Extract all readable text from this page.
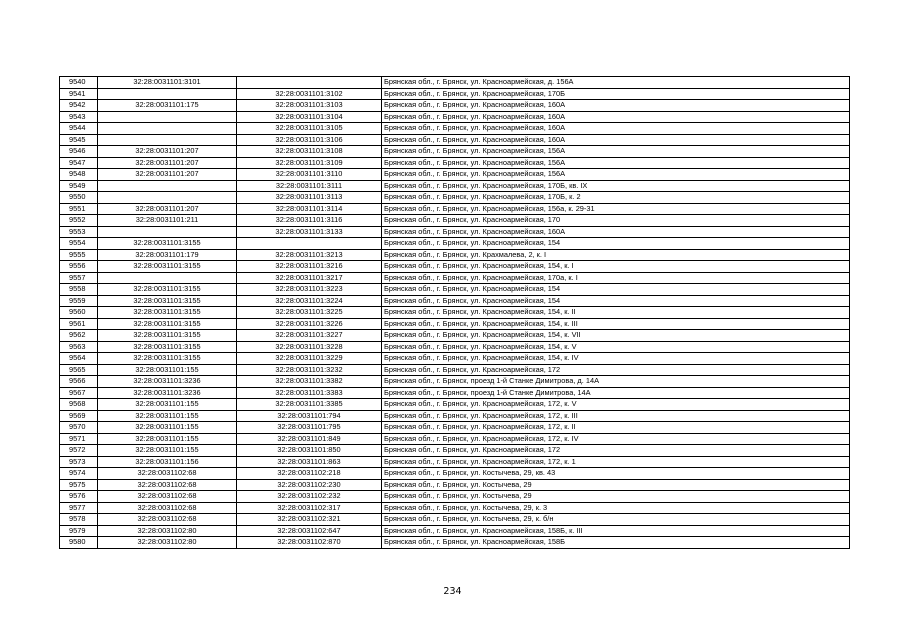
9540	32:28:0031101:3101		Брянская обл., г. Брянск, ул. Красноармейская, д. 156А
9541		32:28:0031101:3102	Брянская обл., г. Брянск, ул. Красноармейская, 170Б
9542	32:28:0031101:175	32:28:0031101:3103	Брянская обл., г. Брянск, ул. Красноармейская, 160А
9543		32:28:0031101:3104	Брянская обл., г. Брянск, ул. Красноармейская, 160А
9544		32:28:0031101:3105	Брянская обл., г. Брянск, ул. Красноармейская, 160А
9545		32:28:0031101:3106	Брянская обл., г. Брянск, ул. Красноармейская, 160А
9546	32:28:0031101:207	32:28:0031101:3108	Брянская обл., г. Брянск, ул. Красноармейская, 156А
9547	32:28:0031101:207	32:28:0031101:3109	Брянская обл., г. Брянск, ул. Красноармейская, 156А
9548	32:28:0031101:207	32:28:0031101:3110	Брянская обл., г. Брянск, ул. Красноармейская, 156А
9549		32:28:0031101:3111	Брянская обл., г. Брянск, ул. Красноармейская, 170Б, кв. IX
9550		32:28:0031101:3113	Брянская обл., г. Брянск, ул. Красноармейская, 170Б, к. 2
9551	32:28:0031101:207	32:28:0031101:3114	Брянская обл., г. Брянск, ул. Красноармейская, 156а, к. 29-31
9552	32:28:0031101:211	32:28:0031101:3116	Брянская обл., г. Брянск, ул. Красноармейская, 170
9553		32:28:0031101:3133	Брянская обл., г. Брянск, ул. Красноармейская, 160А
9554	32:28:0031101:3155		Брянская обл., г. Брянск, ул. Красноармейская, 154
9555	32:28:0031101:179	32:28:0031101:3213	Брянская обл., г. Брянск, ул. Крахмалева, 2, к. I
9556	32:28:0031101:3155	32:28:0031101:3216	Брянская обл., г. Брянск, ул. Красноармейская, 154, к. I
9557		32:28:0031101:3217	Брянская обл., г. Брянск, ул. Красноармейская, 170а, к. I
9558	32:28:0031101:3155	32:28:0031101:3223	Брянская обл., г. Брянск, ул. Красноармейская, 154
9559	32:28:0031101:3155	32:28:0031101:3224	Брянская обл., г. Брянск, ул. Красноармейская, 154
9560	32:28:0031101:3155	32:28:0031101:3225	Брянская обл., г. Брянск, ул. Красноармейская, 154, к. II
9561	32:28:0031101:3155	32:28:0031101:3226	Брянская обл., г. Брянск, ул. Красноармейская, 154, к. III
9562	32:28:0031101:3155	32:28:0031101:3227	Брянская обл., г. Брянск, ул. Красноармейская, 154, к. VII
9563	32:28:0031101:3155	32:28:0031101:3228	Брянская обл., г. Брянск, ул. Красноармейская, 154, к. V
9564	32:28:0031101:3155	32:28:0031101:3229	Брянская обл., г. Брянск, ул. Красноармейская, 154, к. IV
9565	32:28:0031101:155	32:28:0031101:3232	Брянская обл., г. Брянск, ул. Красноармейская, 172
9566	32:28:0031101:3236	32:28:0031101:3382	Брянская обл., г. Брянск, проезд 1-й Станке Димитрова, д. 14А
9567	32:28:0031101:3236	32:28:0031101:3383	Брянская обл., г. Брянск, проезд 1-й Станке Димитрова, 14А
9568	32:28:0031101:155	32:28:0031101:3385	Брянская обл., г. Брянск, ул. Красноармейская, 172, к. V
9569	32:28:0031101:155	32:28:0031101:794	Брянская обл., г. Брянск, ул. Красноармейская, 172, к. III
9570	32:28:0031101:155	32:28:0031101:795	Брянская обл., г. Брянск, ул. Красноармейская, 172, к. II
9571	32:28:0031101:155	32:28:0031101:849	Брянская обл., г. Брянск, ул. Красноармейская, 172, к. IV
9572	32:28:0031101:155	32:28:0031101:850	Брянская обл., г. Брянск, ул. Красноармейская, 172
9573	32:28:0031101:156	32:28:0031101:863	Брянская обл., г. Брянск, ул. Красноармейская, 172, к. 1
9574	32:28:0031102:68	32:28:0031102:218	Брянская обл., г. Брянск, ул. Костычева, 29, кв. 43
9575	32:28:0031102:68	32:28:0031102:230	Брянская обл., г. Брянск, ул. Костычева, 29
9576	32:28:0031102:68	32:28:0031102:232	Брянская обл., г. Брянск, ул. Костычева, 29
9577	32:28:0031102:68	32:28:0031102:317	Брянская обл., г. Брянск, ул. Костычева, 29, к. 3
9578	32:28:0031102:68	32:28:0031102:321	Брянская обл., г. Брянск, ул. Костычева, 29, к. б/н
9579	32:28:0031102:80	32:28:0031102:647	Брянская обл., г. Брянск, ул. Красноармейская, 158Б, к. III
9580	32:28:0031102:80	32:28:0031102:870	Брянская обл., г. Брянск, ул. Красноармейская, 158Б
234
